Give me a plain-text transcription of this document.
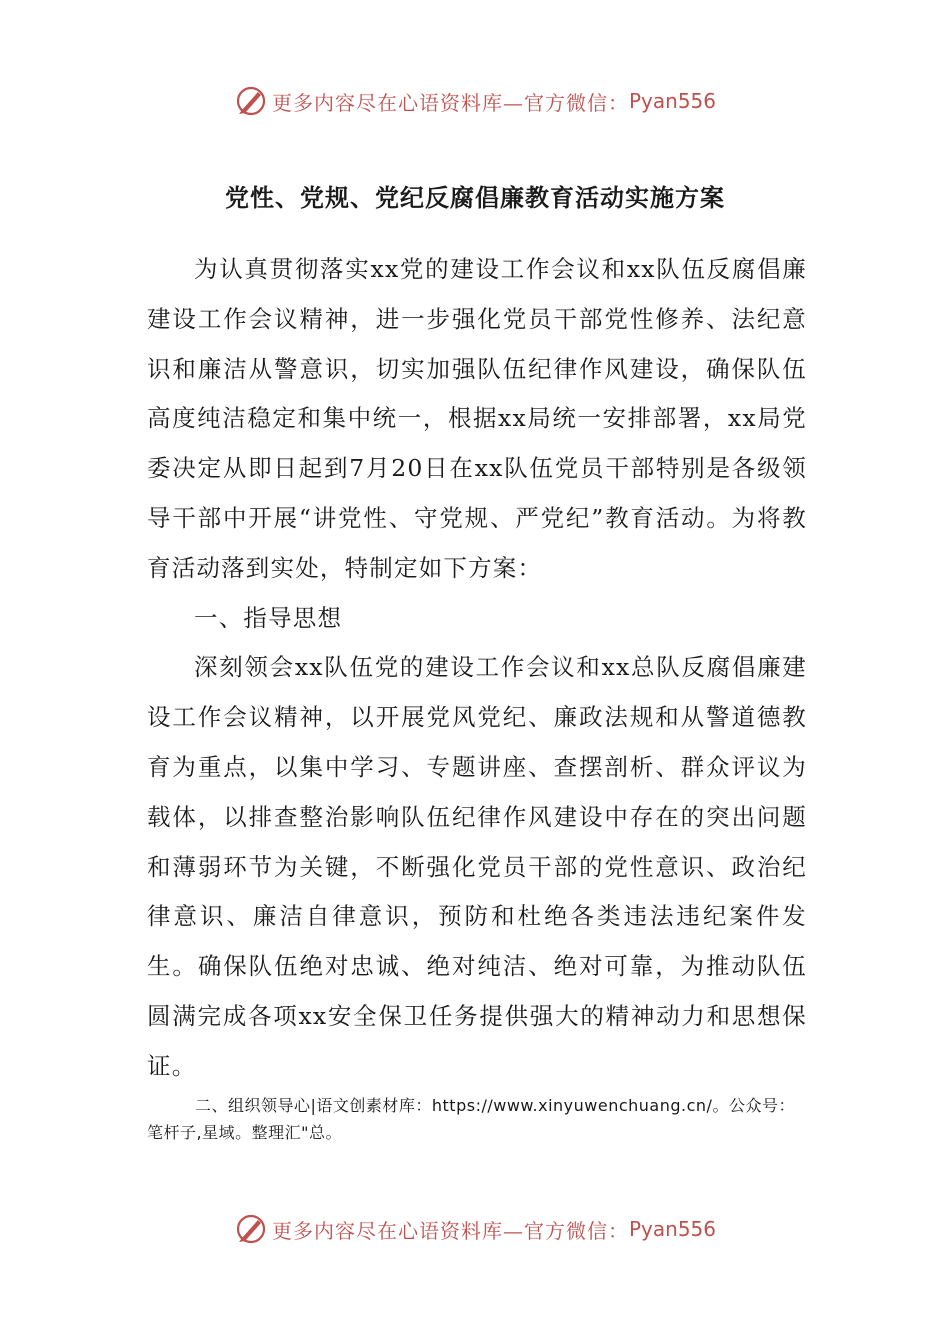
更多内容尽在心语资料库—官方微信： Pyan556
党性、党规、党纪反腐倡廉教育活动实施方案

为认真贯彻落实xx党的建设工作会议和xx队伍反腐倡廉建设工作会议精神，进一步强化党员干部党性修养、法纪意识和廉洁从警意识，切实加强队伍纪律作风建设，确保队伍高度纯洁稳定和集中统一，根据xx局统一安排部署，xx局党委决定从即日起到7月20日在xx队伍党员干部特别是各级领导干部中开展“讲党性、守党规、严党纪”教育活动。为将教育活动落到实处，特制定如下方案：

一、指导思想

深刻领会xx队伍党的建设工作会议和xx总队反腐倡廉建设工作会议精神，以开展党风党纪、廉政法规和从警道德教育为重点，以集中学习、专题讲座、查摆剖析、群众评议为载体，以排查整治影响队伍纪律作风建设中存在的突出问题和薄弱环节为关键，不断强化党员干部的党性意识、政治纪律意识、廉洁自律意识，预防和杜绝各类违法违纪案件发生。确保队伍绝对忠诚、绝对纯洁、绝对可靠，为推动队伍圆满完成各项xx安全保卫任务提供强大的精神动力和思想保证。

二、组织领导心|语文创素材库：https://www.xinyuwenchuang.cn/。公众号：笔杆子,星域。整理汇"总。

更多内容尽在心语资料库—官方微信： Pyan556
